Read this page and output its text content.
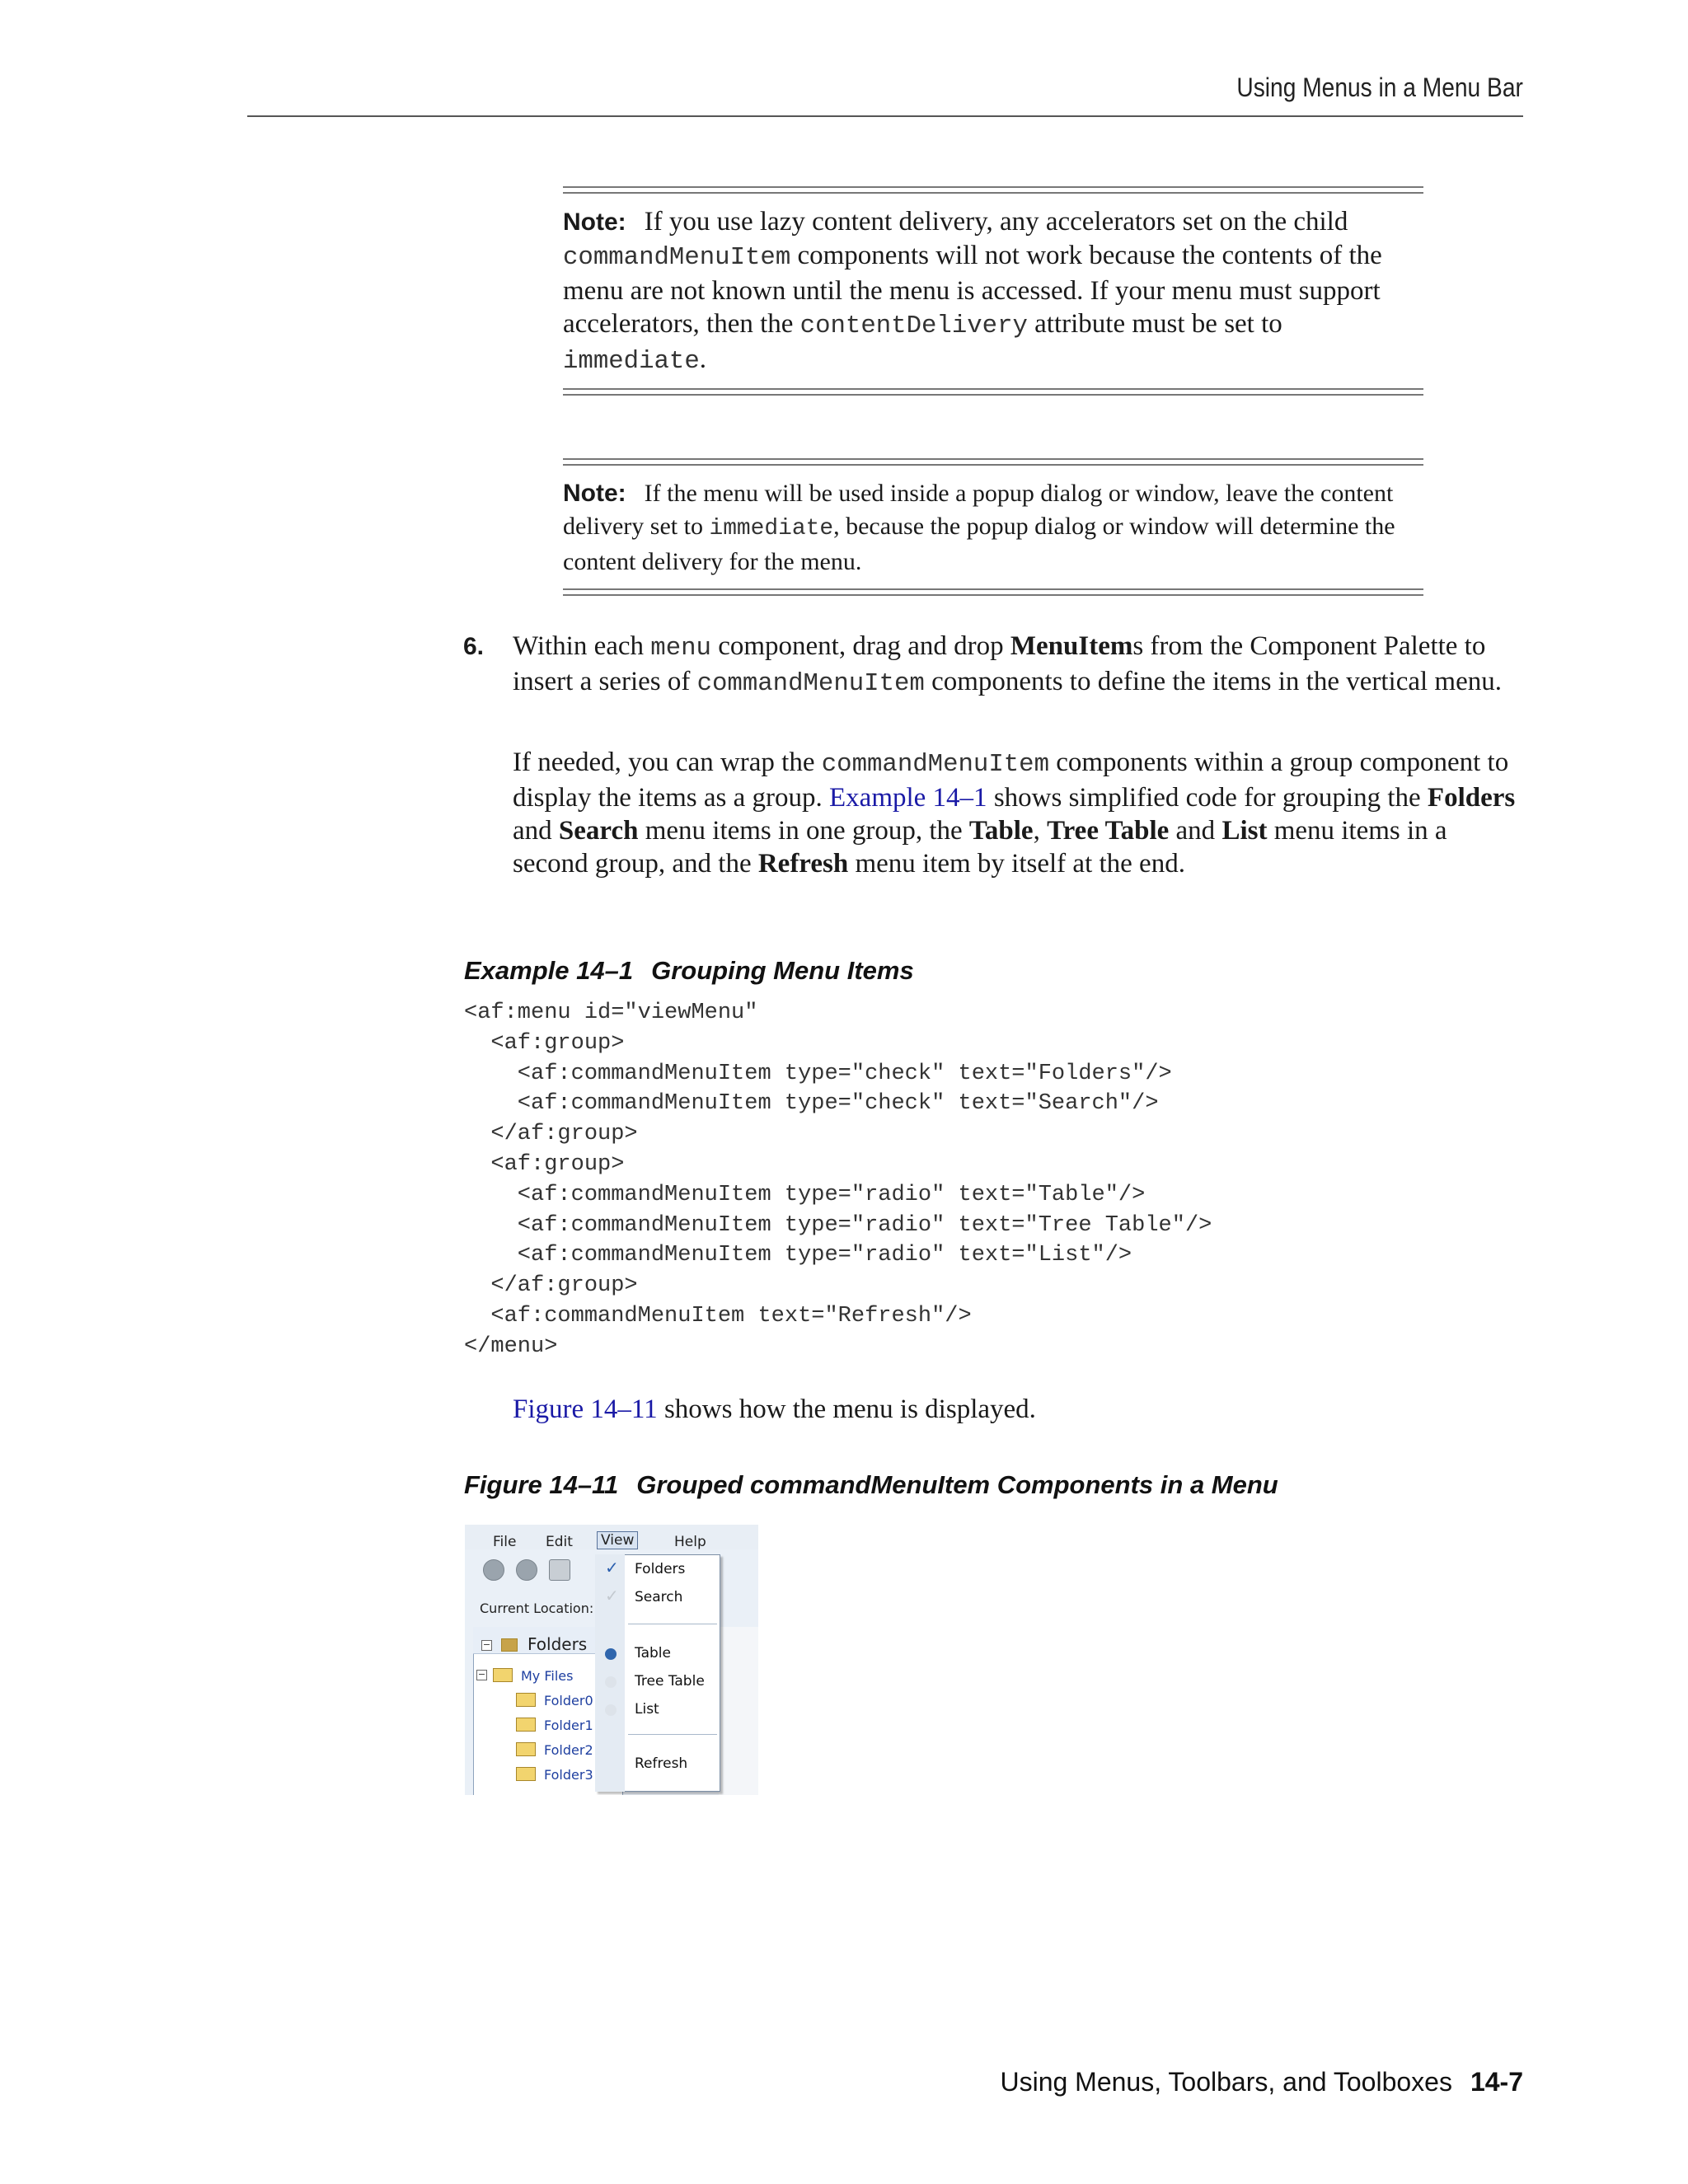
Using Menus in a Menu Bar
Note: If you use lazy content delivery, any accelerators set on the child commandMenuItem components will not work because the contents of the menu are not known until the menu is accessed. If your menu must support accelerators, then the contentDelivery attribute must be set to immediate.
Note: If the menu will be used inside a popup dialog or window, leave the content delivery set to immediate, because the popup dialog or window will determine the content delivery for the menu.
6. Within each menu component, drag and drop MenuItems from the Component Palette to insert a series of commandMenuItem components to define the items in the vertical menu.
If needed, you can wrap the commandMenuItem components within a group component to display the items as a group. Example 14–1 shows simplified code for grouping the Folders and Search menu items in one group, the Table, Tree Table and List menu items in a second group, and the Refresh menu item by itself at the end.
Example 14–1 Grouping Menu Items
<af:menu id="viewMenu"
<af:group>
<af:commandMenuItem type="check" text="Folders"/>
<af:commandMenuItem type="check" text="Search"/>
</af:group>
<af:group>
<af:commandMenuItem type="radio" text="Table"/>
<af:commandMenuItem type="radio" text="Tree Table"/>
<af:commandMenuItem type="radio" text="List"/>
</af:group>
<af:commandMenuItem text="Refresh"/>
</menu>
Figure 14–11 shows how the menu is displayed.
Figure 14–11 Grouped commandMenuItem Components in a Menu
File Edit View	Help
Current Location:
− Folders
−	My Files
Folder0
Folder1
Folder2
Folder3
✓ Folders
✓ Search
Table
Tree Table
List
Refresh
Using Menus, Toolbars, and Toolboxes 14-7
